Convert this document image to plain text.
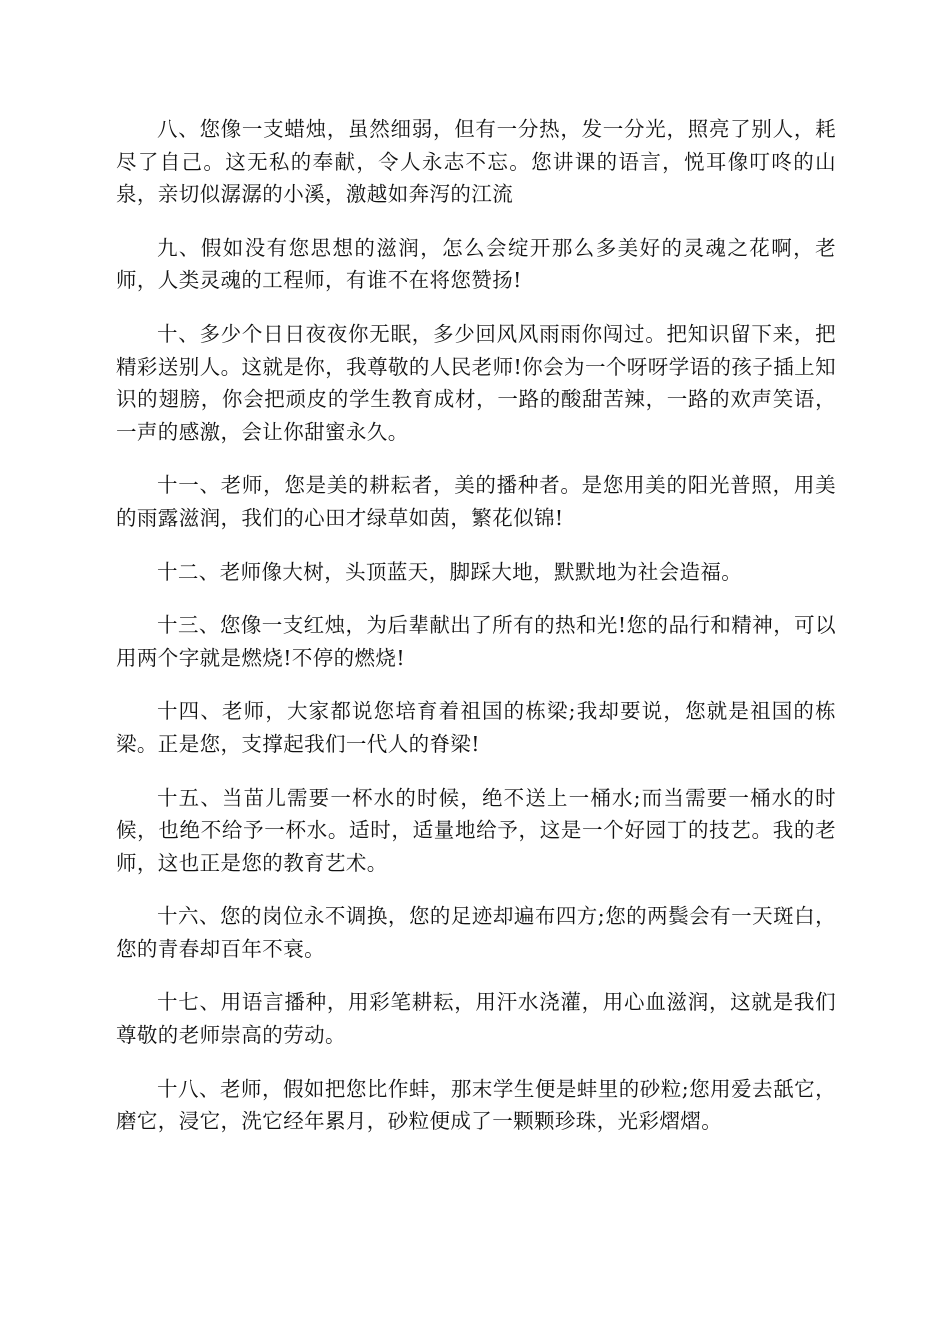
八、您像一支蜡烛，虽然细弱，但有一分热，发一分光，照亮了别人，耗尽了自己。这无私的奉献，令人永志不忘。您讲课的语言，悦耳像叮咚的山泉，亲切似潺潺的小溪，激越如奔泻的江流

九、假如没有您思想的滋润，怎么会绽开那么多美好的灵魂之花啊，老师，人类灵魂的工程师，有谁不在将您赞扬!

十、多少个日日夜夜你无眠，多少回风风雨雨你闯过。把知识留下来，把精彩送别人。这就是你，我尊敬的人民老师!你会为一个呀呀学语的孩子插上知识的翅膀，你会把顽皮的学生教育成材，一路的酸甜苦辣，一路的欢声笑语，一声的感激，会让你甜蜜永久。

十一、老师，您是美的耕耘者，美的播种者。是您用美的阳光普照，用美的雨露滋润，我们的心田才绿草如茵，繁花似锦!

十二、老师像大树，头顶蓝天，脚踩大地，默默地为社会造福。

十三、您像一支红烛，为后辈献出了所有的热和光!您的品行和精神，可以用两个字就是燃烧!不停的燃烧!

十四、老师，大家都说您培育着祖国的栋梁;我却要说，您就是祖国的栋梁。正是您，支撑起我们一代人的脊梁!

十五、当苗儿需要一杯水的时候，绝不送上一桶水;而当需要一桶水的时候，也绝不给予一杯水。适时，适量地给予，这是一个好园丁的技艺。我的老师，这也正是您的教育艺术。

十六、您的岗位永不调换，您的足迹却遍布四方;您的两鬓会有一天斑白，您的青春却百年不衰。

十七、用语言播种，用彩笔耕耘，用汗水浇灌，用心血滋润，这就是我们尊敬的老师崇高的劳动。

十八、老师，假如把您比作蚌，那末学生便是蚌里的砂粒;您用爱去舐它，磨它，浸它，洗它经年累月，砂粒便成了一颗颗珍珠，光彩熠熠。
